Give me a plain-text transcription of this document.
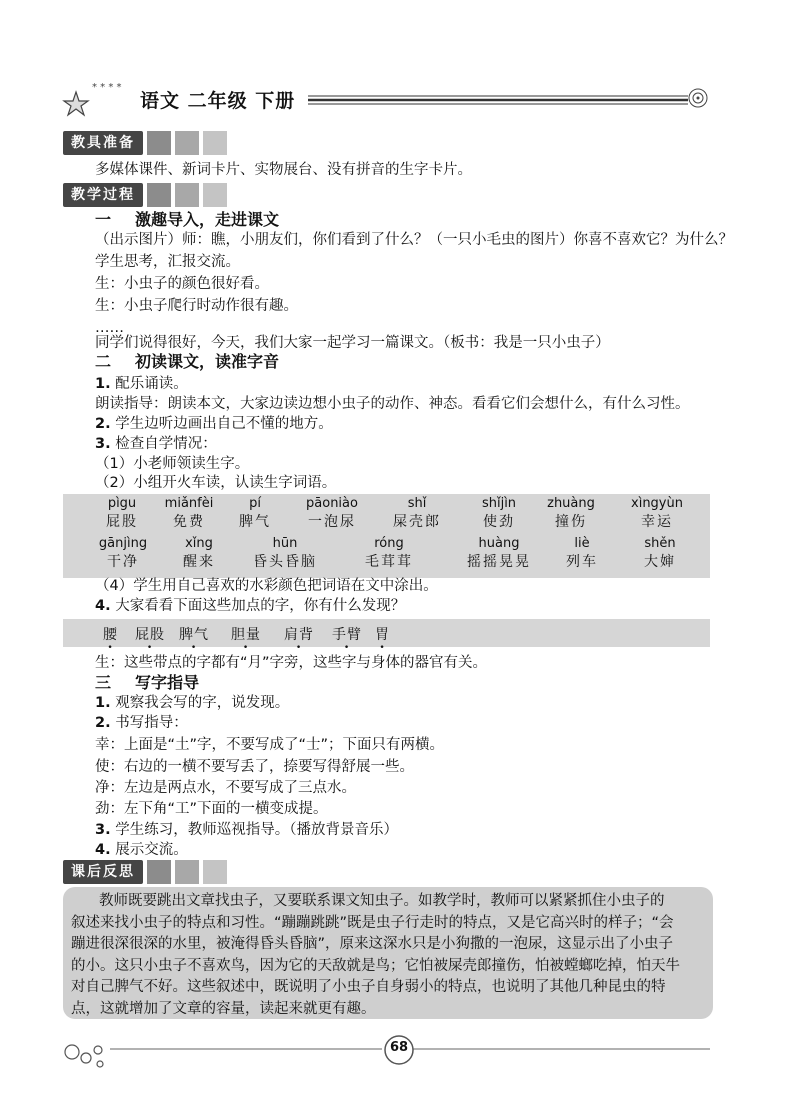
* * * *
语文 二年级 下册
教具准备
多媒体课件、新词卡片、实物展台、没有拼音的生字卡片。
教学过程
一 激趣导入，走进课文
（出示图片）师：瞧，小朋友们，你们看到了什么？（一只小毛虫的图片）你喜不喜欢它？为什么？
学生思考，汇报交流。
生：小虫子的颜色很好看。
生：小虫子爬行时动作很有趣。
……
同学们说得很好，今天，我们大家一起学习一篇课文。（板书：我是一只小虫子）
二 初读课文，读准字音
1. 配乐诵读。
朗读指导：朗读本文，大家边读边想小虫子的动作、神态。看看它们会想什么，有什么习性。
2. 学生边听边画出自己不懂的地方。
3. 检查自学情况：
（1）小老师领读生字。
（2）小组开火车读，认读生字词语。
pìgu
屁股
miǎnfèi
免费
pí
脾气
pāoniào
一泡尿
shǐ
屎壳郎
shǐjìn
使劲
zhuàng
撞伤
xìngyùn
幸运
gānjìng
干净
xǐng
醒来
hūn
昏头昏脑
róng
毛茸茸
huàng
摇摇晃晃
liè
列车
shěn
大婶
（4）学生用自己喜欢的水彩颜色把词语在文中涂出。
4. 大家看看下面这些加点的字，你有什么发现？
腰 屁股 脾气 胆量 肩背 手臂 胃
生：这些带点的字都有“月”字旁，这些字与身体的器官有关。
三 写字指导
1. 观察我会写的字，说发现。
2. 书写指导：
幸：上面是“土”字，不要写成了“士”；下面只有两横。
使：右边的一横不要写丢了，捺要写得舒展一些。
净：左边是两点水，不要写成了三点水。
劲：左下角“工”下面的一横变成提。
3. 学生练习，教师巡视指导。（播放背景音乐）
4. 展示交流。
课后反思
教师既要跳出文章找虫子，又要联系课文知虫子。如教学时，教师可以紧紧抓住小虫子的
叙述来找小虫子的特点和习性。“蹦蹦跳跳”既是虫子行走时的特点，又是它高兴时的样子；“会
蹦进很深很深的水里，被淹得昏头昏脑”，原来这深水只是小狗撒的一泡尿，这显示出了小虫子
的小。这只小虫子不喜欢鸟，因为它的天敌就是鸟；它怕被屎壳郎撞伤，怕被螳螂吃掉，怕天牛
对自己脾气不好。这些叙述中，既说明了小虫子自身弱小的特点，也说明了其他几种昆虫的特
点，这就增加了文章的容量，读起来就更有趣。
68
